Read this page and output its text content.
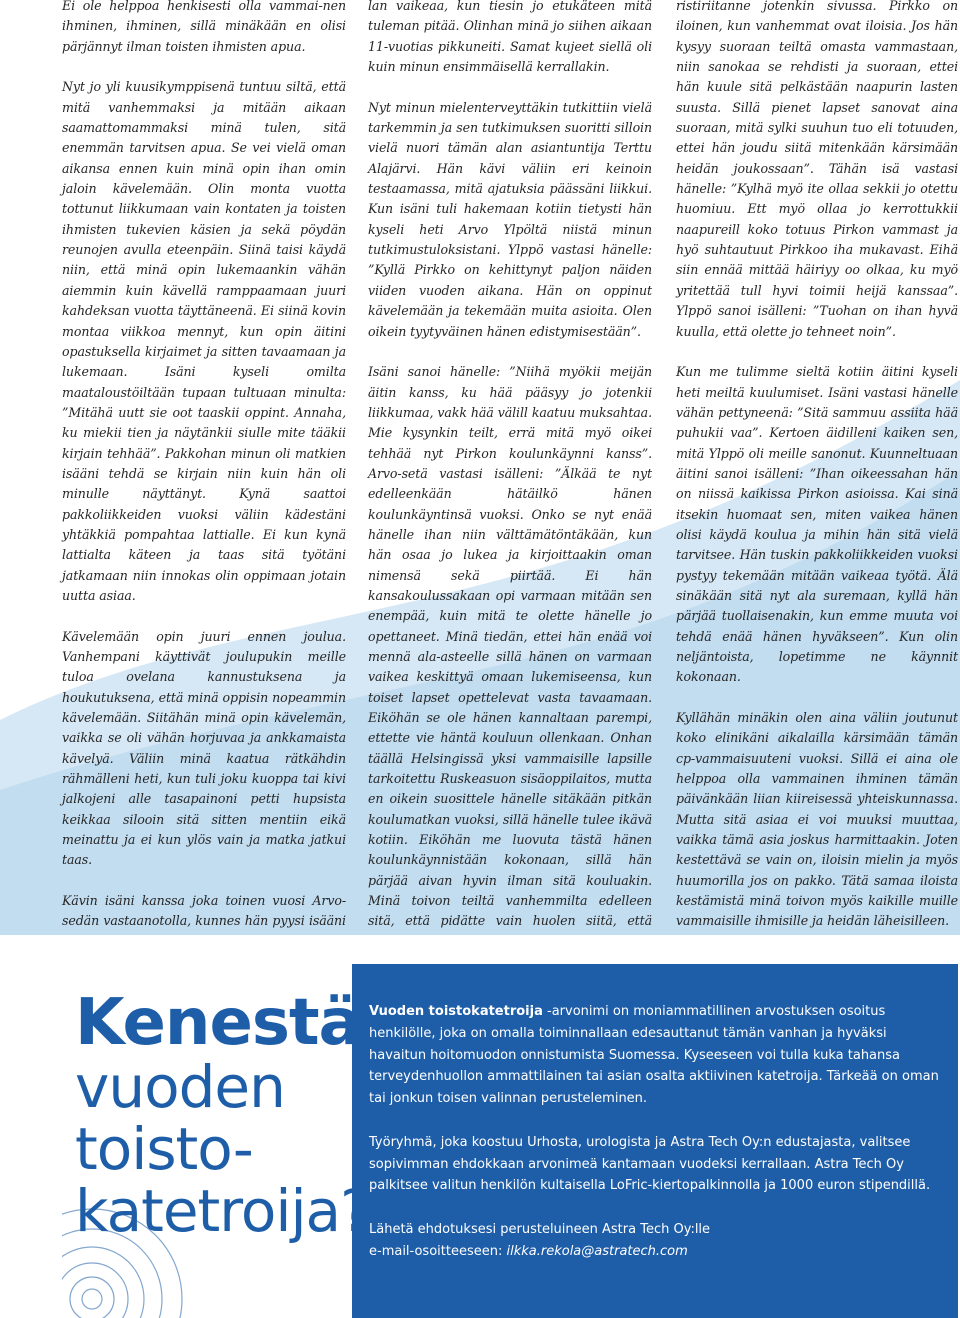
Ei ole helppoa henkisesti olla vammai-nen ihminen, ihminen, sillä minäkään en olisi pärjännyt ilman toisten ihmisten apua.

Nyt jo yli kuusikymppisenä tuntuu siltä, että mitä vanhemmaksi ja mitään aikaan saamattomammaksi minä tulen, sitä enemmän tarvitsen apua. Se vei vielä oman aikansa ennen kuin minä opin ihan omin jaloin kävelemään. Olin monta vuotta tottunut liikkumaan vain kontaten ja toisten ihmisten tukevien käsien ja sekä pöydän reunojen avulla eteenpäin. Siinä taisi käydä niin, että minä opin lukemaankin vähän aiemmin kuin kävellä ramppaamaan juuri kahdeksan vuotta täyttäneenä. Ei siinä kovin montaa viikkoa mennyt, kun opin äitini opastuksella kirjaimet ja sitten tavaamaan ja lukemaan. Isäni kyseli omilta maataloustöiltään tupaan tultuaan minulta: ”Mitähä uutt sie oot taaskii oppint. Annaha, ku miekii tien ja näytänkii siulle mite tääkii kirjain tehhää”. Pakkohan minun oli matkien isääni tehdä se kirjain niin kuin hän oli minulle näyttänyt. Kynä saattoi pakkoliikkeiden vuoksi väliin kädestäni yhtäkkiä pompahtaa lattialle. Ei kun kynä lattialta käteen ja taas sitä työtäni jatkamaan niin innokas olin oppimaan jotain uutta asiaa.

Kävelemään opin juuri ennen joulua. Vanhempani käyttivät joulupukin meille tuloa ovelana kannustuksena ja houkutuksena, että minä oppisin nopeammin kävelemään. Siitähän minä opin kävelemän, vaikka se oli vähän horjuvaa ja ankkamaista kävelyä. Väliin minä kaatua rätkähdin rähmälleni heti, kun tuli joku kuoppa tai kivi jalkojeni alle tasapainoni petti hupsista keikkaa silooin sitä sitten mentiin eikä meinattu ja ei kun ylös vain ja matka jatkui taas.

Kävin isäni kanssa joka toinen vuosi Arvo-sedän vastaanotolla, kunnes hän pyysi isääni

lan vaikeaa, kun tiesin jo etukäteen mitä tuleman pitää. Olinhan minä jo siihen aikaan 11-vuotias pikkuneiti. Samat kujeet siellä oli kuin minun ensimmäisellä kerrallakin.

Nyt minun mielenterveyttäkin tutkittiin vielä tarkemmin ja sen tutkimuksen suoritti silloin vielä nuori tämän alan asiantuntija Terttu Alajärvi. Hän kävi väliin eri keinoin testaamassa, mitä ajatuksia päässäni liikkui. Kun isäni tuli hakemaan kotiin tietysti hän kyseli heti Arvo Ylpöltä niistä minun tutkimustuloksistani. Ylppö vastasi hänelle: ”Kyllä Pirkko on kehittynyt paljon näiden viiden vuoden aikana. Hän on oppinut kävelemään ja tekemään muita asioita. Olen oikein tyytyväinen hänen edistymisestään”.

Isäni sanoi hänelle: ”Niihä myökii meijän äitin kanss, ku hää pääsyy jo jotenkii liikkumaa, vakk hää välill kaatuu muksahtaa. Mie kysynkin teilt, errä mitä myö oikei tehhää nyt Pirkon koulunkäynni kanss”. Arvo-setä vastasi isälleni: ”Älkää te nyt edelleenkään hätäilkö hänen koulunkäyntinsä vuoksi. Onko se nyt enää hänelle ihan niin välttämätöntäkään, kun hän osaa jo lukea ja kirjoittaakin oman nimensä sekä piirtää. Ei hän kansakoulussakaan opi varmaan mitään sen enempää, kuin mitä te olette hänelle jo opettaneet. Minä tiedän, ettei hän enää voi mennä ala-asteelle sillä hänen on varmaan vaikea keskittyä omaan lukemiseensa, kun toiset lapset opettelevat vasta tavaamaan. Eiköhän se ole hänen kannaltaan parempi, ettette vie häntä kouluun ollenkaan. Onhan täällä Helsingissä yksi vammaisille lapsille tarkoitettu Ruskeasuon sisäoppilaitos, mutta en oikein suosittele hänelle sitäkään pitkän koulumatkan vuoksi, sillä hänelle tulee ikävä kotiin. Eiköhän me luovuta tästä hänen koulunkäynnistään kokonaan, sillä hän pärjää aivan hyvin ilman sitä kouluakin. Minä toivon teiltä vanhemmilta edelleen sitä, että pidätte vain huolen siitä, että

ristiriitanne jotenkin sivussa. Pirkko on iloinen, kun vanhemmat ovat iloisia. Jos hän kysyy suoraan teiltä omasta vammastaan, niin sanokaa se rehdisti ja suoraan, ettei hän kuule sitä pelkästään naapurin lasten suusta. Sillä pienet lapset sanovat aina suoraan, mitä sylki suuhun tuo eli totuuden, ettei hän joudu siitä mitenkään kärsimään heidän joukossaan”. Tähän isä vastasi hänelle: ”Kylhä myö ite ollaa sekkii jo otettu huomiuu. Ett myö ollaa jo kerrottukkii naapureill koko totuus Pirkon vammast ja hyö suhtautuut Pirkkoo iha mukavast. Eihä siin ennää mittää häiriyy oo olkaa, ku myö yritettää tull hyvi toimii heijä kanssaa”. Ylppö sanoi isälleni: ”Tuohan on ihan hyvä kuulla, että olette jo tehneet noin”.

Kun me tulimme sieltä kotiin äitini kyseli heti meiltä kuulumiset. Isäni vastasi hänelle vähän pettyneenä: ”Sitä sammuu assiita hää puhukii vaa”. Kertoen äidilleni kaiken sen, mitä Ylppö oli meille sanonut. Kuunneltuaan äitini sanoi isälleni: ”Ihan oikeessahan hän on niissä kaikissa Pirkon asioissa. Kai sinä itsekin huomaat sen, miten vaikea hänen olisi käydä koulua ja mihin hän sitä vielä tarvitsee. Hän tuskin pakkoliikkeiden vuoksi pystyy tekemään mitään vaikeaa työtä. Älä sinäkään sitä nyt ala suremaan, kyllä hän pärjää tuollaisenakin, kun emme muuta voi tehdä enää hänen hyväkseen”. Kun olin neljäntoista, lopetimme ne käynnit kokonaan.

Kyllähän minäkin olen aina väliin joutunut koko elinikäni aikalailla kärsimään tämän cp-vammaisuuteni vuoksi. Sillä ei aina ole helppoa olla vammainen ihminen tämän päivänkään liian kiireisessä yhteiskunnassa. Mutta sitä asiaa ei voi muuksi muuttaa, vaikka tämä asia joskus harmittaakin. Joten kestettävä se vain on, iloisin mielin ja myös huumorilla jos on pakko. Tätä samaa iloista kestämistä minä toivon myös kaikille muille vammaisille ihmisille ja heidän läheisilleen.

Kenestä
vuoden
toisto-
katetroija?

Vuoden toistokatetroija -arvonimi on moniammatillinen arvostuksen osoitus henkilölle, joka on omalla toiminnallaan edesauttanut tämän vanhan ja hyväksi havaitun hoitomuodon onnistumista Suomessa. Kyseeseen voi tulla kuka tahansa terveydenhuollon ammattilainen tai asian osalta aktiivinen katetroija. Tärkeää on oman tai jonkun toisen valinnan perusteleminen.

Työryhmä, joka koostuu Urhosta, urologista ja Astra Tech Oy:n edustajasta, valitsee sopivimman ehdokkaan arvonimeä kantamaan vuodeksi kerrallaan. Astra Tech Oy palkitsee valitun henkilön kultaisella LoFric-kiertopalkinnolla ja 1000 euron stipendillä.

Lähetä ehdotuksesi perusteluineen Astra Tech Oy:lle
e-mail-osoitteeseen: ilkka.rekola@astratech.com
